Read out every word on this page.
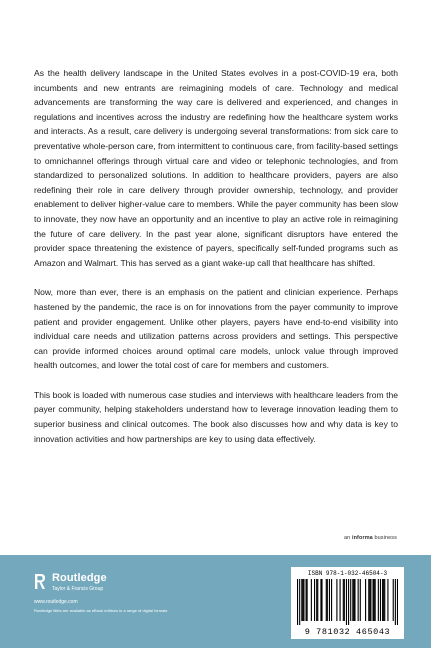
As the health delivery landscape in the United States evolves in a post-COVID-19 era, both incumbents and new entrants are reimagining models of care. Technology and medical advancements are transforming the way care is delivered and experienced, and changes in regulations and incentives across the industry are redefining how the healthcare system works and interacts. As a result, care delivery is undergoing several transformations: from sick care to preventative whole-person care, from intermittent to continuous care, from facility-based settings to omnichannel offerings through virtual care and video or telephonic technologies, and from standardized to personalized solutions. In addition to healthcare providers, payers are also redefining their role in care delivery through provider ownership, technology, and provider enablement to deliver higher-value care to members. While the payer community has been slow to innovate, they now have an opportunity and an incentive to play an active role in reimagining the future of care delivery. In the past year alone, significant disruptors have entered the provider space threatening the existence of payers, specifically self-funded programs such as Amazon and Walmart. This has served as a giant wake-up call that healthcare has shifted.

Now, more than ever, there is an emphasis on the patient and clinician experience. Perhaps hastened by the pandemic, the race is on for innovations from the payer community to improve patient and provider engagement. Unlike other players, payers have end-to-end visibility into individual care needs and utilization patterns across providers and settings. This perspective can provide informed choices around optimal care models, unlock value through improved health outcomes, and lower the total cost of care for members and customers.

This book is loaded with numerous case studies and interviews with healthcare leaders from the payer community, helping stakeholders understand how to leverage innovation leading them to superior business and clinical outcomes. The book also discusses how and why data is key to innovation activities and how partnerships are key to using data effectively.

an informa business
Routledge
Taylor & Francis Group
www.routledge.com
Routledge titles are available as eBook editions in a range of digital formats
ISBN 978-1-032-46504-3
9 781032 465043
